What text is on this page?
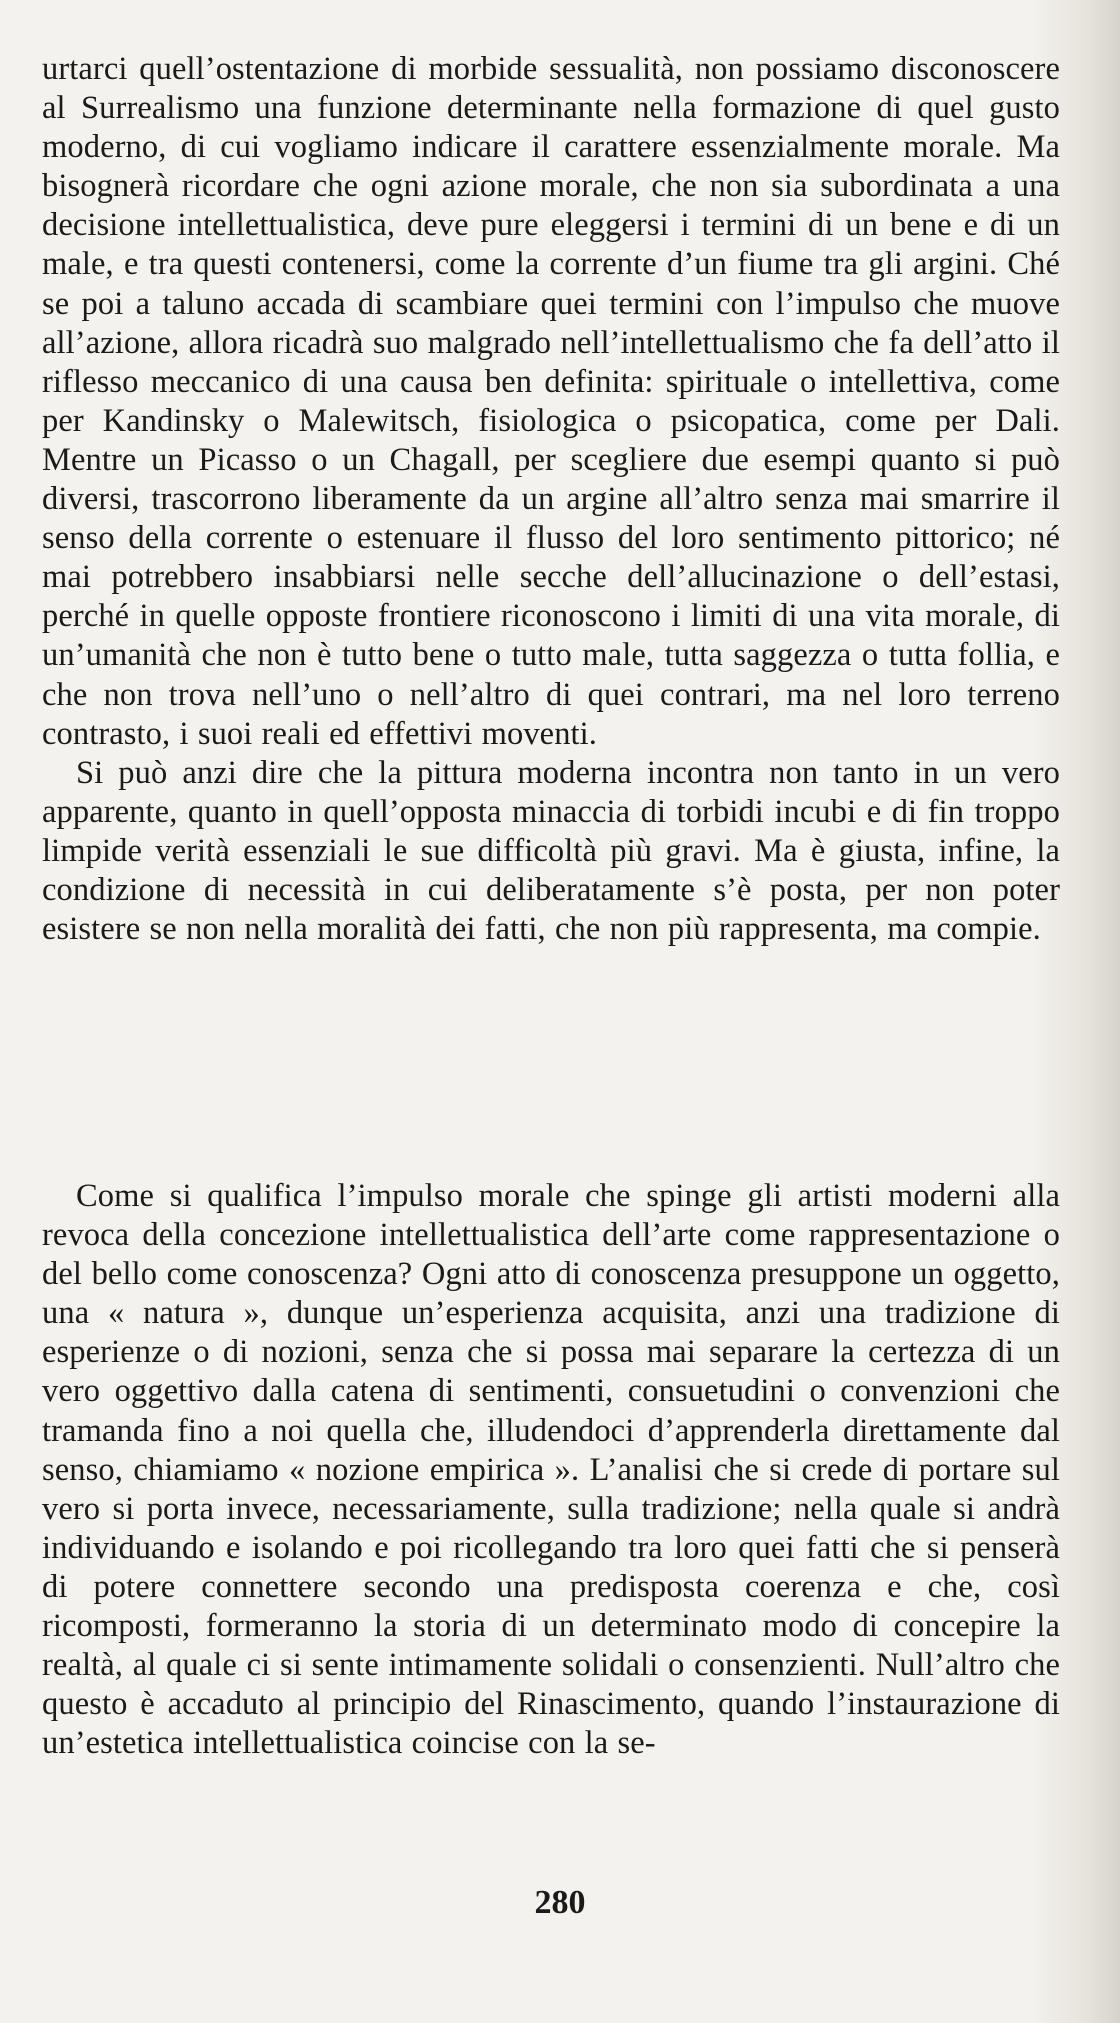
urtarci quell’ostentazione di morbide sessualità, non possiamo disconoscere al Surrealismo una funzione determinante nella formazione di quel gusto moderno, di cui vogliamo indicare il carattere essenzialmente morale. Ma bisognerà ricordare che ogni azione morale, che non sia subordinata a una decisione intellettualistica, deve pure eleggersi i termini di un bene e di un male, e tra questi contenersi, come la corrente d’un fiume tra gli argini. Ché se poi a taluno accada di scambiare quei termini con l’impulso che muove all’azione, allora ricadrà suo malgrado nell’intellettualismo che fa dell’atto il riflesso meccanico di una causa ben definita: spirituale o intellettiva, come per Kandinsky o Malewitsch, fisiologica o psicopatica, come per Dali. Mentre un Picasso o un Chagall, per scegliere due esempi quanto si può diversi, trascorrono liberamente da un argine all’altro senza mai smarrire il senso della corrente o estenuare il flusso del loro sentimento pittorico; né mai potrebbero insabbiarsi nelle secche dell’allucinazione o dell’estasi, perché in quelle opposte frontiere riconoscono i limiti di una vita morale, di un’umanità che non è tutto bene o tutto male, tutta saggezza o tutta follia, e che non trova nell’uno o nell’altro di quei contrari, ma nel loro terreno contrasto, i suoi reali ed effettivi moventi.

Si può anzi dire che la pittura moderna incontra non tanto in un vero apparente, quanto in quell’opposta minaccia di torbidi incubi e di fin troppo limpide verità essenziali le sue difficoltà più gravi. Ma è giusta, infine, la condizione di necessità in cui deliberatamente s’è posta, per non poter esistere se non nella moralità dei fatti, che non più rappresenta, ma compie.

Come si qualifica l’impulso morale che spinge gli artisti moderni alla revoca della concezione intellettualistica dell’arte come rappresentazione o del bello come conoscenza? Ogni atto di conoscenza presuppone un oggetto, una « natura », dunque un’esperienza acquisita, anzi una tradizione di esperienze o di nozioni, senza che si possa mai separare la certezza di un vero oggettivo dalla catena di sentimenti, consuetudini o convenzioni che tramanda fino a noi quella che, illudendoci d’apprenderla direttamente dal senso, chiamiamo « nozione empirica ». L’analisi che si crede di portare sul vero si porta invece, necessariamente, sulla tradizione; nella quale si andrà individuando e isolando e poi ricollegando tra loro quei fatti che si penserà di potere connettere secondo una predisposta coerenza e che, così ricomposti, formeranno la storia di un determinato modo di concepire la realtà, al quale ci si sente intimamente solidali o consenzienti. Null’altro che questo è accaduto al principio del Rinascimento, quando l’instaurazione di un’estetica intellettualistica coincise con la se-

280
